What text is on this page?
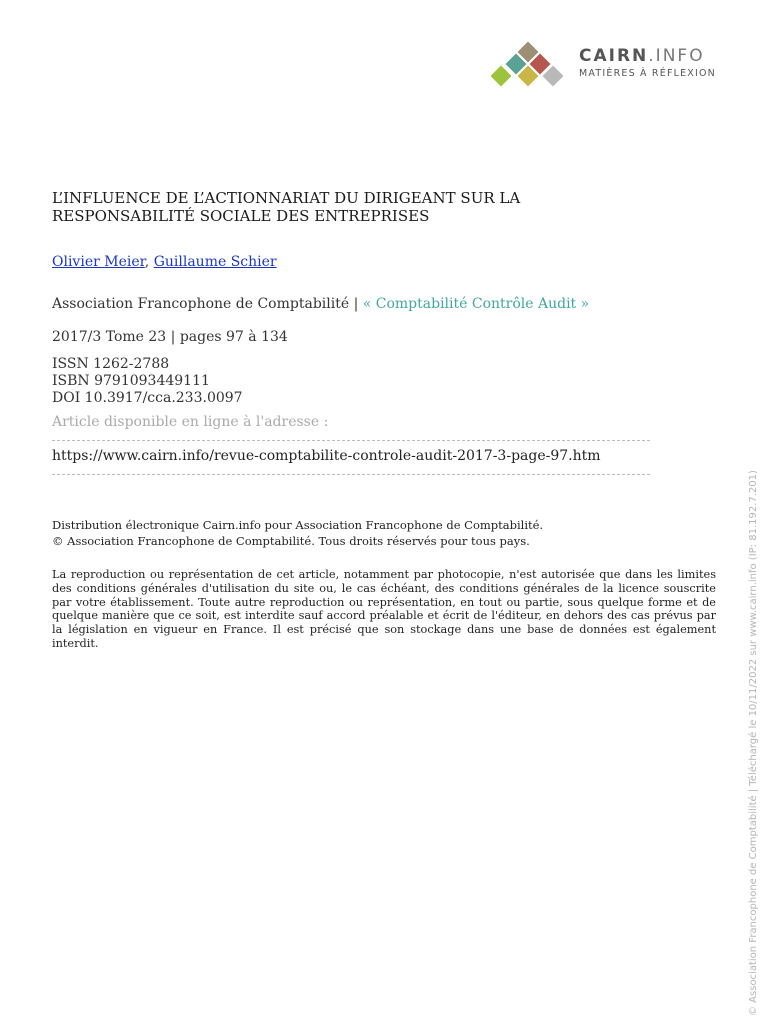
CAIRN.INFO
MATIÈRES À RÉFLEXION
L’INFLUENCE DE L’ACTIONNARIAT DU DIRIGEANT SUR LA
RESPONSABILITÉ SOCIALE DES ENTREPRISES
Olivier Meier, Guillaume Schier
Association Francophone de Comptabilité | « Comptabilité Contrôle Audit »
2017/3 Tome 23 | pages 97 à 134
ISSN 1262-2788
ISBN 9791093449111
DOI 10.3917/cca.233.0097
Article disponible en ligne à l'adresse :
https://www.cairn.info/revue-comptabilite-controle-audit-2017-3-page-97.htm
Distribution électronique Cairn.info pour Association Francophone de Comptabilité.
© Association Francophone de Comptabilité. Tous droits réservés pour tous pays.
La reproduction ou représentation de cet article, notamment par photocopie, n'est autorisée que dans les limites des conditions générales d'utilisation du site ou, le cas échéant, des conditions générales de la licence souscrite par votre établissement. Toute autre reproduction ou représentation, en tout ou partie, sous quelque forme et de quelque manière que ce soit, est interdite sauf accord préalable et écrit de l'éditeur, en dehors des cas prévus par la législation en vigueur en France. Il est précisé que son stockage dans une base de données est également interdit.	© Association Francophone de Comptabilité | Téléchargé le 10/11/2022 sur www.cairn.info (IP: 81.192.7.201)
